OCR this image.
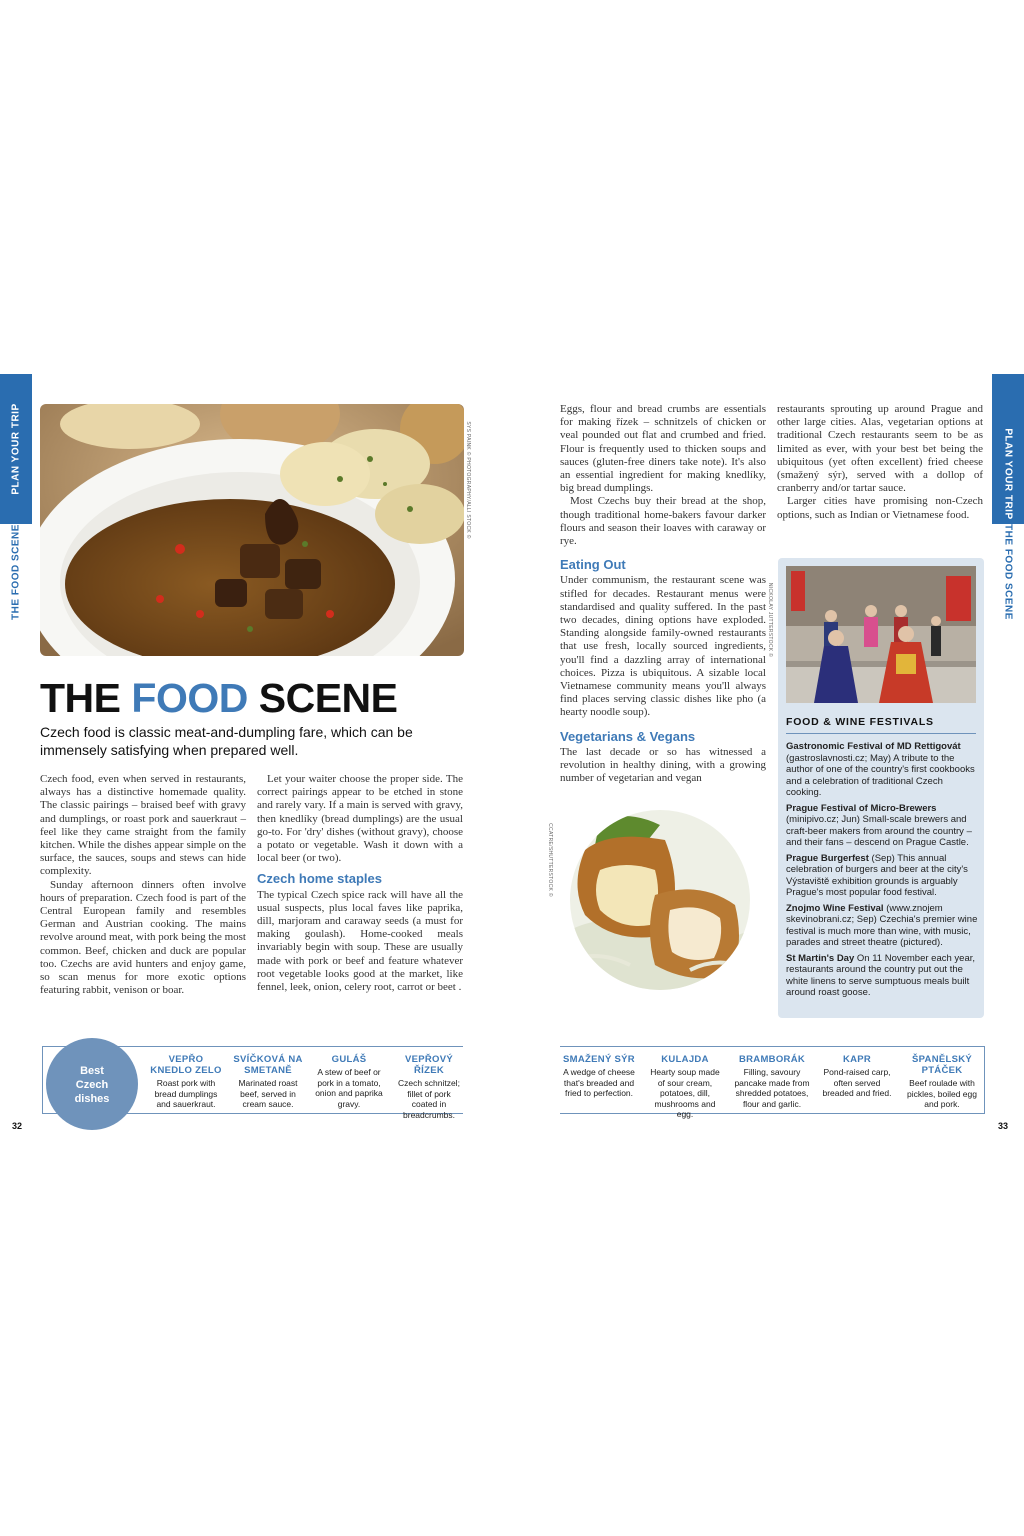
PLAN YOUR TRIP
THE FOOD SCENE
SYS PAINK © PHOTOGRAPHY/ALLI STOCK ©
THE FOOD SCENE
Czech food is classic meat-and-dumpling fare, which can be immensely satisfying when prepared well.

Czech food, even when served in restaurants, always has a distinctive homemade quality. The classic pairings – braised beef with gravy and dumplings, or roast pork and sauerkraut – feel like they came straight from the family kitchen. While the dishes appear simple on the surface, the sauces, soups and stews can hide complexity.

Sunday afternoon dinners often involve hours of preparation. Czech food is part of the Central European family and resembles German and Austrian cooking. The mains revolve around meat, with pork being the most common. Beef, chicken and duck are popular too. Czechs are avid hunters and enjoy game, so scan menus for more exotic options featuring rabbit, venison or boar.

Let your waiter choose the proper side. The correct pairings appear to be etched in stone and rarely vary. If a main is served with gravy, then knedlíky (bread dumplings) are the usual go-to. For 'dry' dishes (without gravy), choose a potato or vegetable. Wash it down with a local beer (or two).

Czech home staples

The typical Czech spice rack will have all the usual suspects, plus local faves like paprika, dill, marjoram and caraway seeds (a must for making goulash). Home-cooked meals invariably begin with soup. These are usually made with pork or beef and feature whatever root vegetable looks good at the market, like fennel, leek, onion, celery root, carrot or beet .

Best Czech dishes
VEPŘO KNEDLO ZELO
Roast pork with bread dumplings and sauerkraut.
SVÍČKOVÁ NA SMETANĚ
Marinated roast beef, served in cream sauce.
GULÁŠ
A stew of beef or pork in a tomato, onion and paprika gravy.
VEPŘOVÝ ŘÍZEK
Czech schnitzel; fillet of pork coated in breadcrumbs.
32
PLAN YOUR TRIP
THE FOOD SCENE

Eggs, flour and bread crumbs are essentials for making řízek – schnitzels of chicken or veal pounded out flat and crumbed and fried. Flour is frequently used to thicken soups and sauces (gluten-free diners take note). It's also an essential ingredient for making knedlíky, big bread dumplings.

Most Czechs buy their bread at the shop, though traditional home-bakers favour darker flours and season their loaves with caraway or rye.

Eating Out

Under communism, the restaurant scene was stifled for decades. Restaurant menus were standardised and quality suffered. In the past two decades, dining options have exploded. Standing alongside family-owned restaurants that use fresh, locally sourced ingredients, you'll find a dazzling array of international choices. Pizza is ubiquitous. A sizable local Vietnamese community means you'll always find places serving classic dishes like pho (a hearty noodle soup).

Vegetarians & Vegans

The last decade or so has witnessed a revolution in healthy dining, with a growing number of vegetarian and vegan

NICKOLAY JUTTERSTOCK ©
CCATRE/SHUTTERSTOCK ©

restaurants sprouting up around Prague and other large cities. Alas, vegetarian options at traditional Czech restaurants seem to be as limited as ever, with your best bet being the ubiquitous (yet often excellent) fried cheese (smažený sýr), served with a dollop of cranberry and/or tartar sauce.

Larger cities have promising non-Czech options, such as Indian or Vietnamese food.

FOOD & WINE FESTIVALS
Gastronomic Festival of MD Rettigovát (gastroslavnosti.cz; May) A tribute to the author of one of the country's first cookbooks and a celebration of traditional Czech cooking.
Prague Festival of Micro-Brewers (minipivo.cz; Jun) Small-scale brewers and craft-beer makers from around the country – and their fans – descend on Prague Castle.
Prague Burgerfest (Sep) This annual celebration of burgers and beer at the city's Výstaviště exhibition grounds is arguably Prague's most popular food festival.
Znojmo Wine Festival (www.znojem skevinobrani.cz; Sep) Czechia's premier wine festival is much more than wine, with music, parades and street theatre (pictured).
St Martin's Day On 11 November each year, restaurants around the country put out the white linens to serve sumptuous meals built around roast goose.
SMAŽENÝ SÝR
A wedge of cheese that's breaded and fried to perfection.
KULAJDA
Hearty soup made of sour cream, potatoes, dill, mushrooms and egg.
BRAMBORÁK
Filling, savoury pancake made from shredded potatoes, flour and garlic.
KAPR
Pond-raised carp, often served breaded and fried.
ŠPANĚLSKÝ PTÁČEK
Beef roulade with pickles, boiled egg and pork.
33
